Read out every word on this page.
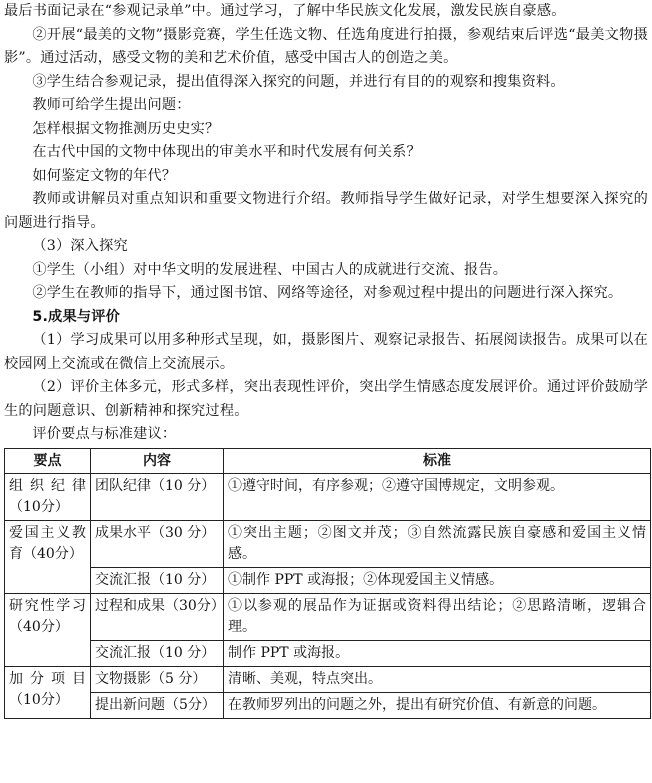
最后书面记录在“参观记录单”中。通过学习，了解中华民族文化发展，激发民族自豪感。

②开展“最美的文物”摄影竞赛，学生任选文物、任选角度进行拍摄，参观结束后评选“最美文物摄影”。通过活动，感受文物的美和艺术价值，感受中国古人的创造之美。

③学生结合参观记录，提出值得深入探究的问题，并进行有目的的观察和搜集资料。

教师可给学生提出问题：

怎样根据文物推测历史史实？

在古代中国的文物中体现出的审美水平和时代发展有何关系？

如何鉴定文物的年代？

教师或讲解员对重点知识和重要文物进行介绍。教师指导学生做好记录，对学生想要深入探究的问题进行指导。

（3）深入探究

①学生（小组）对中华文明的发展进程、中国古人的成就进行交流、报告。

②学生在教师的指导下，通过图书馆、网络等途径，对参观过程中提出的问题进行深入探究。

5.成果与评价

（1）学习成果可以用多种形式呈现，如，摄影图片、观察记录报告、拓展阅读报告。成果可以在校园网上交流或在微信上交流展示。

（2）评价主体多元，形式多样，突出表现性评价，突出学生情感态度发展评价。通过评价鼓励学生的问题意识、创新精神和探究过程。

评价要点与标准建议：

要点	内容	标准
组织纪律（10分）	团队纪律（10 分）	①遵守时间，有序参观；②遵守国博规定，文明参观。
爱国主义教育（40分）	成果水平（30 分）	①突出主题；②图文并茂；③自然流露民族自豪感和爱国主义情感。
	交流汇报（10 分）	①制作 PPT 或海报；②体现爱国主义情感。
研究性学习（40分）	过程和成果（30分）	①以参观的展品作为证据或资料得出结论；②思路清晰，逻辑合理。
	交流汇报（10 分）	制作 PPT 或海报。
加分项目（10分）	文物摄影（5 分）	清晰、美观，特点突出。
	提出新问题（5分）	在教师罗列出的问题之外，提出有研究价值、有新意的问题。
